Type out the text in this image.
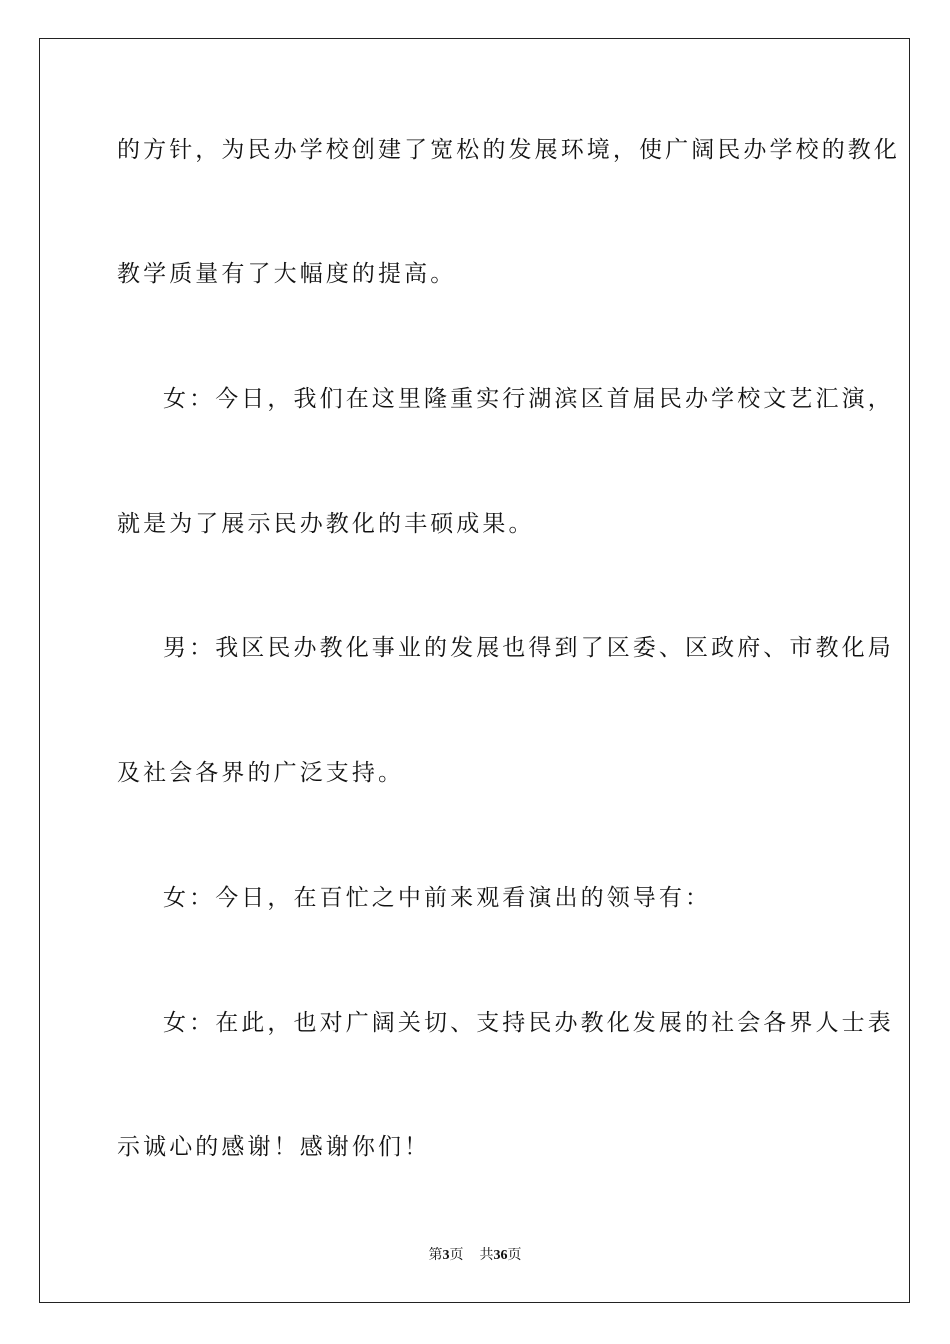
的方针，为民办学校创建了宽松的发展环境，使广阔民办学校的教化
教学质量有了大幅度的提高。
女：今日，我们在这里隆重实行湖滨区首届民办学校文艺汇演，
就是为了展示民办教化的丰硕成果。
男：我区民办教化事业的发展也得到了区委、区政府、市教化局
及社会各界的广泛支持。
女：今日，在百忙之中前来观看演出的领导有：
女：在此，也对广阔关切、支持民办教化发展的社会各界人士表
示诚心的感谢！感谢你们！
第3页 共36页
